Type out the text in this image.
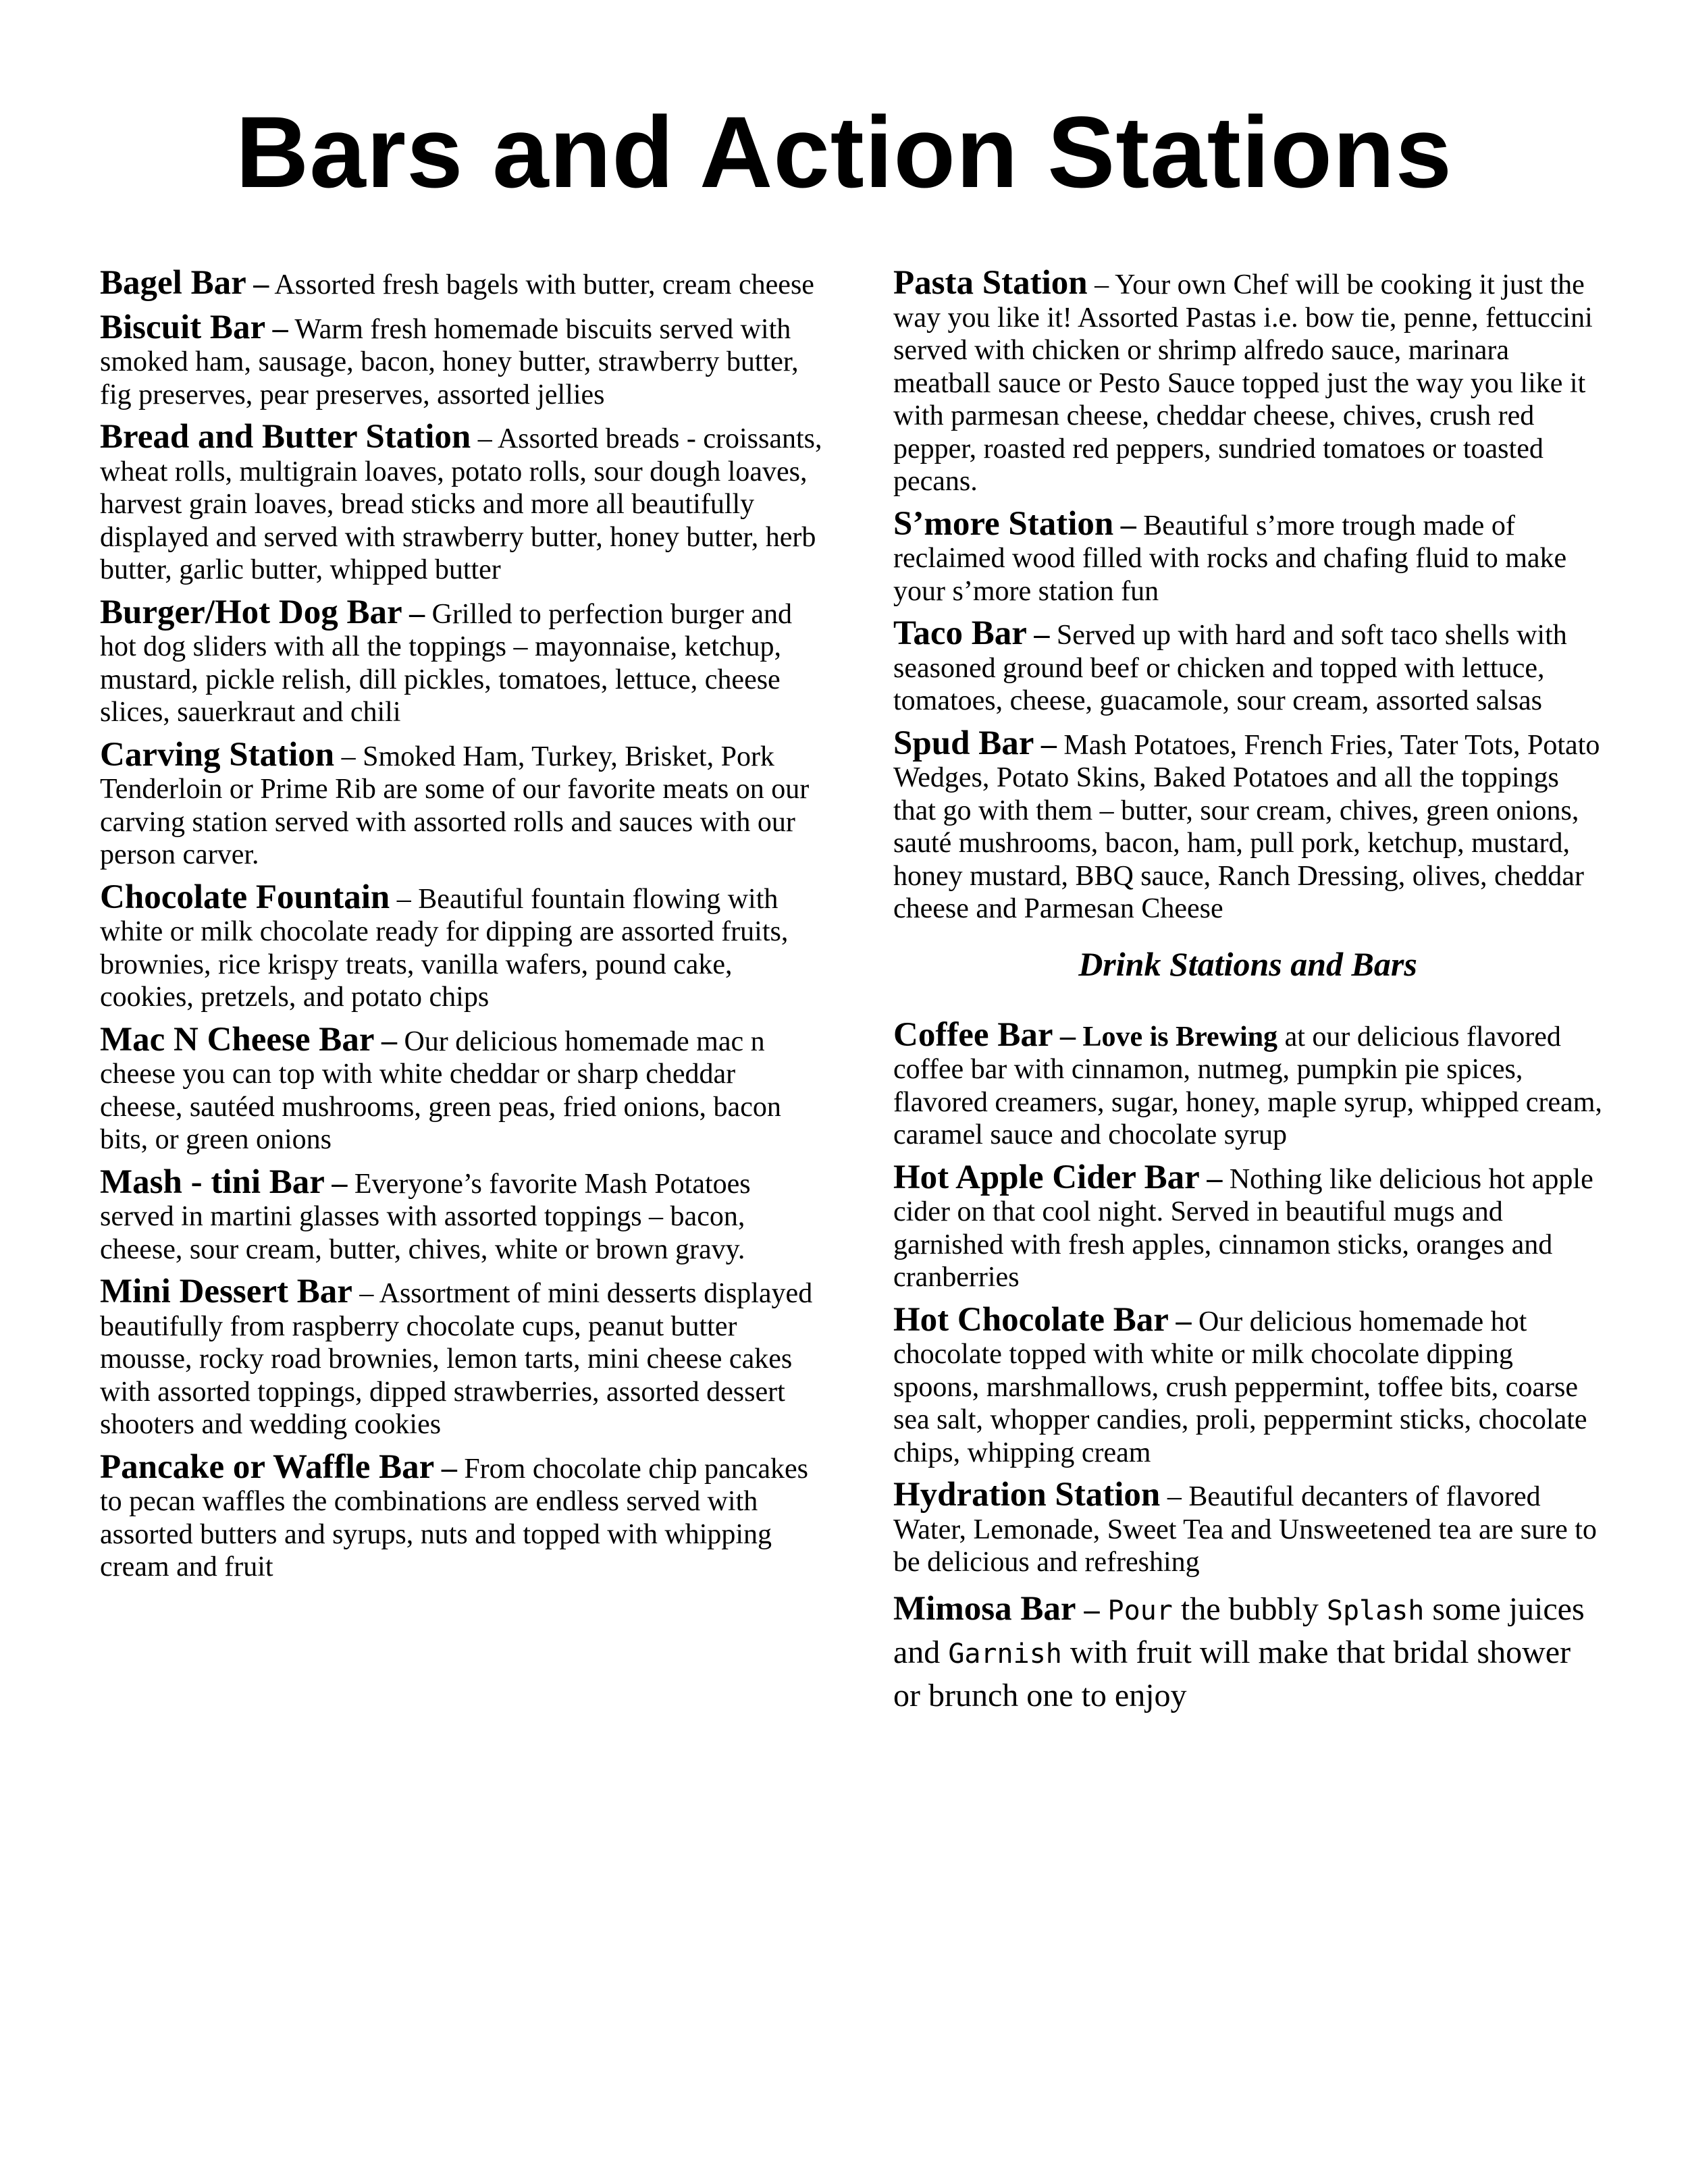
Bars and Action Stations
Bagel Bar – Assorted fresh bagels with butter, cream cheese
Biscuit Bar – Warm fresh homemade biscuits served with smoked ham, sausage, bacon, honey butter, strawberry butter, fig preserves, pear preserves, assorted jellies
Bread and Butter Station – Assorted breads - croissants, wheat rolls, multigrain loaves, potato rolls, sour dough loaves, harvest grain loaves, bread sticks and more all beautifully displayed and served with strawberry butter, honey butter, herb butter, garlic butter, whipped butter
Burger/Hot Dog Bar – Grilled to perfection burger and hot dog sliders with all the toppings – mayonnaise, ketchup, mustard, pickle relish, dill pickles, tomatoes, lettuce, cheese slices, sauerkraut and chili
Carving Station – Smoked Ham, Turkey, Brisket, Pork Tenderloin or Prime Rib are some of our favorite meats on our carving station served with assorted rolls and sauces with our person carver.
Chocolate Fountain – Beautiful fountain flowing with white or milk chocolate ready for dipping are assorted fruits, brownies, rice krispy treats, vanilla wafers, pound cake, cookies, pretzels, and potato chips
Mac N Cheese Bar – Our delicious homemade mac n cheese you can top with white cheddar or sharp cheddar cheese, sautéed mushrooms, green peas, fried onions, bacon bits, or green onions
Mash - tini Bar – Everyone’s favorite Mash Potatoes served in martini glasses with assorted toppings – bacon, cheese, sour cream, butter, chives, white or brown gravy.
Mini Dessert Bar – Assortment of mini desserts displayed beautifully from raspberry chocolate cups, peanut butter mousse, rocky road brownies, lemon tarts, mini cheese cakes with assorted toppings, dipped strawberries, assorted dessert shooters and wedding cookies
Pancake or Waffle Bar – From chocolate chip pancakes to pecan waffles the combinations are endless served with assorted butters and syrups, nuts and topped with whipping cream and fruit
Pasta Station – Your own Chef will be cooking it just the way you like it! Assorted Pastas i.e. bow tie, penne, fettuccini served with chicken or shrimp alfredo sauce, marinara meatball sauce or Pesto Sauce topped just the way you like it with parmesan cheese, cheddar cheese, chives, crush red pepper, roasted red peppers, sundried tomatoes or toasted pecans.
S’more Station – Beautiful s’more trough made of reclaimed wood filled with rocks and chafing fluid to make your s’more station fun
Taco Bar – Served up with hard and soft taco shells with seasoned ground beef or chicken and topped with lettuce, tomatoes, cheese, guacamole, sour cream, assorted salsas
Spud Bar – Mash Potatoes, French Fries, Tater Tots, Potato Wedges, Potato Skins, Baked Potatoes and all the toppings that go with them – butter, sour cream, chives, green onions, sauté mushrooms, bacon, ham, pull pork, ketchup, mustard, honey mustard, BBQ sauce, Ranch Dressing, olives, cheddar cheese and Parmesan Cheese
Drink Stations and Bars
Coffee Bar – Love is Brewing at our delicious flavored coffee bar with cinnamon, nutmeg, pumpkin pie spices, flavored creamers, sugar, honey, maple syrup, whipped cream, caramel sauce and chocolate syrup
Hot Apple Cider Bar – Nothing like delicious hot apple cider on that cool night. Served in beautiful mugs and garnished with fresh apples, cinnamon sticks, oranges and cranberries
Hot Chocolate Bar – Our delicious homemade hot chocolate topped with white or milk chocolate dipping spoons, marshmallows, crush peppermint, toffee bits, coarse sea salt, whopper candies, proli, peppermint sticks, chocolate chips, whipping cream
Hydration Station – Beautiful decanters of flavored Water, Lemonade, Sweet Tea and Unsweetened tea are sure to be delicious and refreshing
Mimosa Bar – Pour the bubbly Splash some juices and Garnish with fruit will make that bridal shower or brunch one to enjoy
